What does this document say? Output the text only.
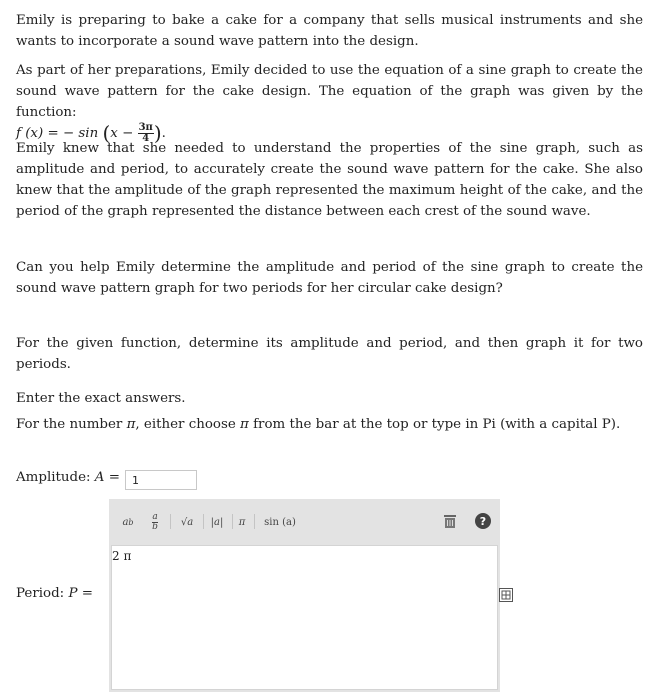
Emily is preparing to bake a cake for a company that sells musical instruments and she wants to incorporate a sound wave pattern into the design.

As part of her preparations, Emily decided to use the equation of a sine graph to create the sound wave pattern for the cake design. The equation of the graph was given by the function:
f (x) = − $\sin (x - \frac{3\pi}{4}$ ).

Emily knew that she needed to understand the properties of the sine graph, such as amplitude and period, to accurately create the sound wave pattern for the cake. She also knew that the amplitude of the graph represented the maximum height of the cake, and the period of the graph represented the distance between each crest of the sound wave.

Can you help Emily determine the amplitude and period of the sine graph to create the sound wave pattern graph for two periods for her circular cake design?

For the given function, determine its amplitude and period, and then graph it for two periods.

Enter the exact answers.

For the number π, either choose π from the bar at the top or type in Pi (with a capital P).

Amplitude: A =	1
Period: P =
a b
a
b	√a	|a|	π	sin (a)	?
2 π
